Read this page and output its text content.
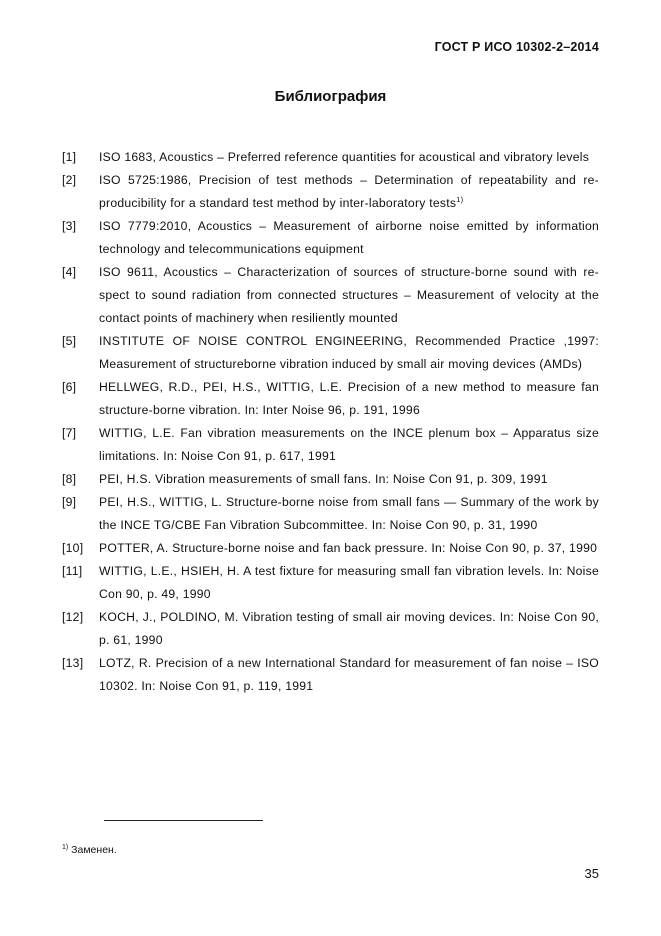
ГОСТ Р ИСО 10302-2–2014
Библиография
[1]	ISO 1683, Acoustics – Preferred reference quantities for acoustical and vibratory levels
[2]	ISO 5725:1986, Precision of test methods – Determination of repeatability and re-producibility for a standard test method by inter-laboratory tests$^{1)}$
[3]	ISO 7779:2010, Acoustics – Measurement of airborne noise emitted by information technology and telecommunications equipment
[4]	ISO 9611, Acoustics – Characterization of sources of structure-borne sound with re-spect to sound radiation from connected structures – Measurement of velocity at the contact points of machinery when resiliently mounted
[5]	INSTITUTE OF NOISE CONTROL ENGINEERING, Recommended Practice ,1997: Measurement of structureborne vibration induced by small air moving devices (AMDs)
[6]	HELLWEG, R.D., PEI, H.S., WITTIG, L.E. Precision of a new method to measure fan structure-borne vibration. In: Inter Noise 96, p. 191, 1996
[7]	WITTIG, L.E. Fan vibration measurements on the INCE plenum box – Apparatus size limitations. In: Noise Con 91, p. 617, 1991
[8]	PEI, H.S. Vibration measurements of small fans. In: Noise Con 91, p. 309, 1991
[9]	PEI, H.S., WITTIG, L. Structure-borne noise from small fans — Summary of the work by the INCE TG/CBE Fan Vibration Subcommittee. In: Noise Con 90, p. 31, 1990
[10]	POTTER, A. Structure-borne noise and fan back pressure. In: Noise Con 90, p. 37, 1990
[11]	WITTIG, L.E., HSIEH, H. A test fixture for measuring small fan vibration levels. In: Noise Con 90, p. 49, 1990
[12]	KOCH, J., POLDINO, M. Vibration testing of small air moving devices. In: Noise Con 90, p. 61, 1990
[13]	LOTZ, R. Precision of a new International Standard for measurement of fan noise – ISO 10302. In: Noise Con 91, p. 119, 1991
$^{1)}$ Заменен.
35
